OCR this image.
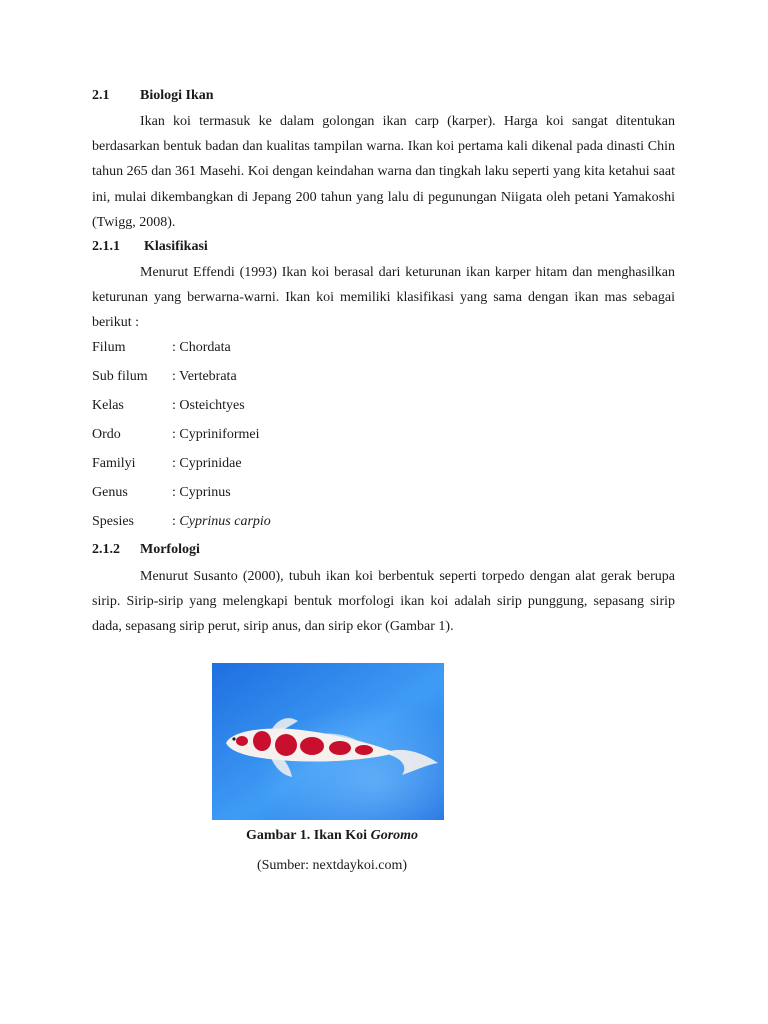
2.1 Biologi Ikan
Ikan koi termasuk ke dalam golongan ikan carp (karper). Harga koi sangat ditentukan berdasarkan bentuk badan dan kualitas tampilan warna. Ikan koi pertama kali dikenal pada dinasti Chin tahun 265 dan 361 Masehi. Koi dengan keindahan warna dan tingkah laku seperti yang kita ketahui saat ini, mulai dikembangkan di Jepang 200 tahun yang lalu di pegunungan Niigata oleh petani Yamakoshi (Twigg, 2008).
2.1.1 Klasifikasi
Menurut Effendi (1993) Ikan koi berasal dari keturunan ikan karper hitam dan menghasilkan keturunan yang berwarna-warni. Ikan koi memiliki klasifikasi yang sama dengan ikan mas sebagai berikut :
Filum	: Chordata
Sub filum : Vertebrata
Kelas	: Osteichtyes
Ordo	: Cypriniformei
Familyi	: Cyprinidae
Genus	: Cyprinus
Spesies	: Cyprinus carpio
2.1.2 Morfologi
Menurut Susanto (2000), tubuh ikan koi berbentuk seperti torpedo dengan alat gerak berupa sirip. Sirip-sirip yang melengkapi bentuk morfologi ikan koi adalah sirip punggung, sepasang sirip dada, sepasang sirip perut, sirip anus, dan sirip ekor (Gambar 1).
Gambar 1. Ikan Koi Goromo
(Sumber: nextdaykoi.com)
